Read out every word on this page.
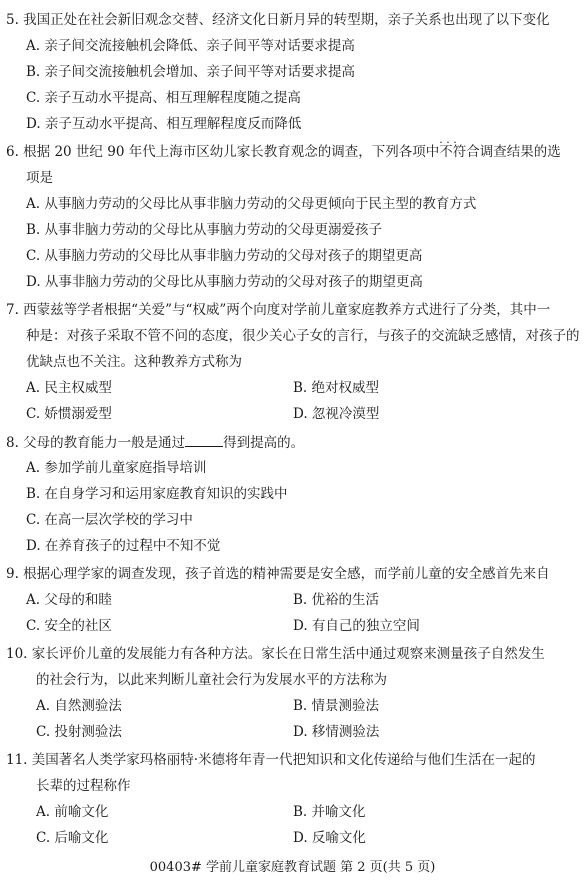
5. 我国正处在社会新旧观念交替、经济文化日新月异的转型期，亲子关系也出现了以下变化
A. 亲子间交流接触机会降低、亲子间平等对话要求提高
B. 亲子间交流接触机会增加、亲子间平等对话要求提高
C. 亲子互动水平提高、相互理解程度随之提高
D. 亲子互动水平提高、相互理解程度反而降低
6. 根据 20 世纪 90 年代上海市区幼儿家长教育观念的调查，下列各项中不符合 · · ·调查结果的选
项是
A. 从事脑力劳动的父母比从事非脑力劳动的父母更倾向于民主型的教育方式
B. 从事非脑力劳动的父母比从事脑力劳动的父母更溺爱孩子
C. 从事脑力劳动的父母比从事非脑力劳动的父母对孩子的期望更高
D. 从事非脑力劳动的父母比从事脑力劳动的父母对孩子的期望更高
7. 西蒙兹等学者根据“关爱”与“权威”两个向度对学前儿童家庭教养方式进行了分类，其中一
种是：对孩子采取不管不问的态度，很少关心子女的言行，与孩子的交流缺乏感情，对孩子的
优缺点也不关注。这种教养方式称为
A. 民主权威型	B. 绝对权威型
C. 娇惯溺爱型	D. 忽视冷漠型
8. 父母的教育能力一般是通过	得到提高的。
A. 参加学前儿童家庭指导培训
B. 在自身学习和运用家庭教育知识的实践中
C. 在高一层次学校的学习中
D. 在养育孩子的过程中不知不觉
9. 根据心理学家的调查发现，孩子首选的精神需要是安全感，而学前儿童的安全感首先来自
A. 父母的和睦	B. 优裕的生活
C. 安全的社区	D. 有自己的独立空间
10. 家长评价儿童的发展能力有各种方法。家长在日常生活中通过观察来测量孩子自然发生
的社会行为，以此来判断儿童社会行为发展水平的方法称为
A. 自然测验法	B. 情景测验法
C. 投射测验法	D. 移情测验法
11. 美国著名人类学家玛格丽特·米德将年青一代把知识和文化传递给与他们生活在一起的
长辈的过程称作
A. 前喻文化	B. 并喻文化
C. 后喻文化	D. 反喻文化
00403# 学前儿童家庭教育试题 第 2 页(共 5 页)
